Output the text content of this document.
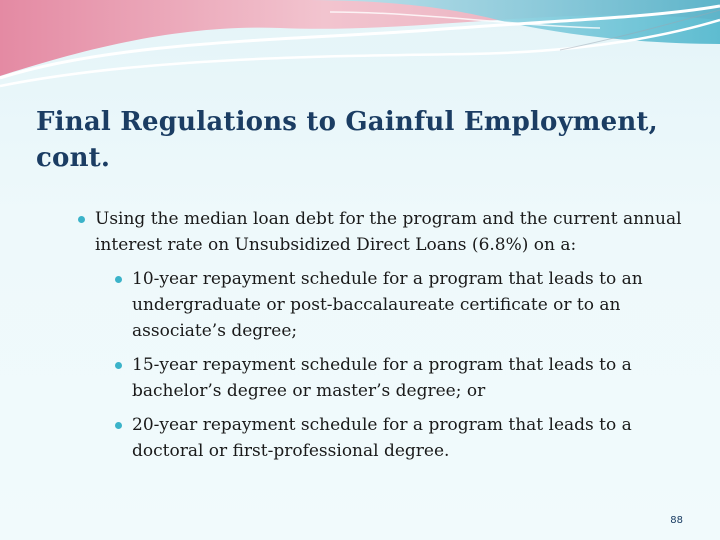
Final Regulations to Gainful Employment, cont.
Using the median loan debt for the program and the current annual interest rate on Unsubsidized Direct Loans (6.8%) on a:
10-year repayment schedule for a program that leads to an undergraduate or post-baccalaureate certificate or to an associate’s degree;
15-year repayment schedule for a program that leads to a bachelor’s degree or master’s degree; or
20-year repayment schedule for a program that leads to a doctoral or first-professional degree.
88
